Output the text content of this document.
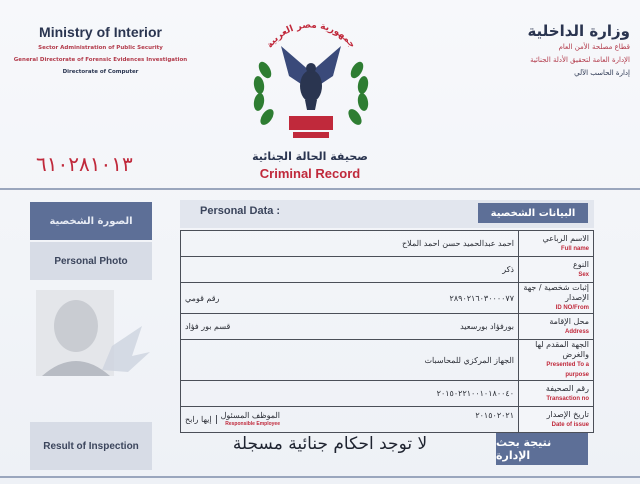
Ministry of Interior
Sector Administration of Public Security
General Directorate of Forensic Evidences Investigation
Directorate of Computer
وزارة الداخلية
قطاع مصلحة الأمن العام
الإدارة العامة لتحقيق الأدلة الجنائية
إدارة الحاسب الآلي
٦١٠٢٨١٠١٣
جمهورية مصر العربية
صحيفة الحالة الجنائية
Criminal Record
الصورة الشخصية
Personal Photo
Result of Inspection
Personal Data :	البيانات الشخصية
احمد عبدالحميد حسن احمد الملاح	الاسم الرباعي
Full name

ذكر	النوع
Sex

رقم قومي ٢٨٩٠٢١٦٠٣٠٠٠٠٧٧	إثبات شخصية / جهة الإصدار
ID NO/From

قسم بور فؤاد بورفؤاد بورسعيد	محل الإقامة
Address

الجهاز المركزي للمحاسبات	الجهة المقدم لها والغرض
Presented To a purpose

٢٠١٥٠٢٢١٠٠١٠١٨٠٠٤٠	رقم الصحيفة
Transaction no

إيها رابح الموظف المسئول
Responsible Employee
٢٠١٥٠٢٠٢١	تاريخ الإصدار
Date of issue
لا توجد احكام جنائية مسجلة	نتيجة بحث الإدارة
